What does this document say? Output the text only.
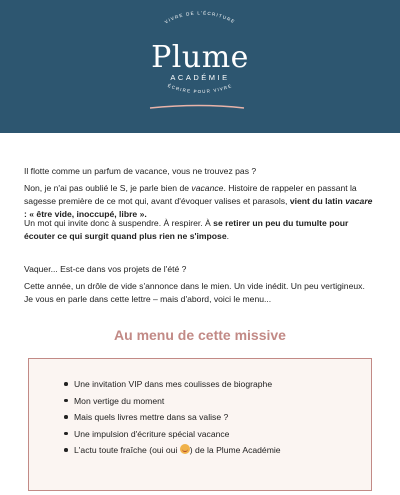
VIVRE DE L'ÉCRITURE
ÉCRIRE POUR VIVRE
Plume
ACADÉMIE

Il flotte comme un parfum de vacance, vous ne trouvez pas ?

Non, je n'ai pas oublié le S, je parle bien de vacance. Histoire de rappeler en passant la sagesse première de ce mot qui, avant d'évoquer valises et parasols, vient du latin vacare : « être vide, inoccupé, libre ».

Un mot qui invite donc à suspendre. À respirer. À se retirer un peu du tumulte pour écouter ce qui surgit quand plus rien ne s'impose.

Vaquer... Est-ce dans vos projets de l'été ?

Cette année, un drôle de vide s'annonce dans le mien. Un vide inédit. Un peu vertigineux. Je vous en parle dans cette lettre – mais d'abord, voici le menu...

Au menu de cette missive
Une invitation VIP dans mes coulisses de biographe
Mon vertige du moment
Mais quels livres mettre dans sa valise ?
Une impulsion d'écriture spécial vacance
L'actu toute fraîche (oui oui ) de la Plume Académie
